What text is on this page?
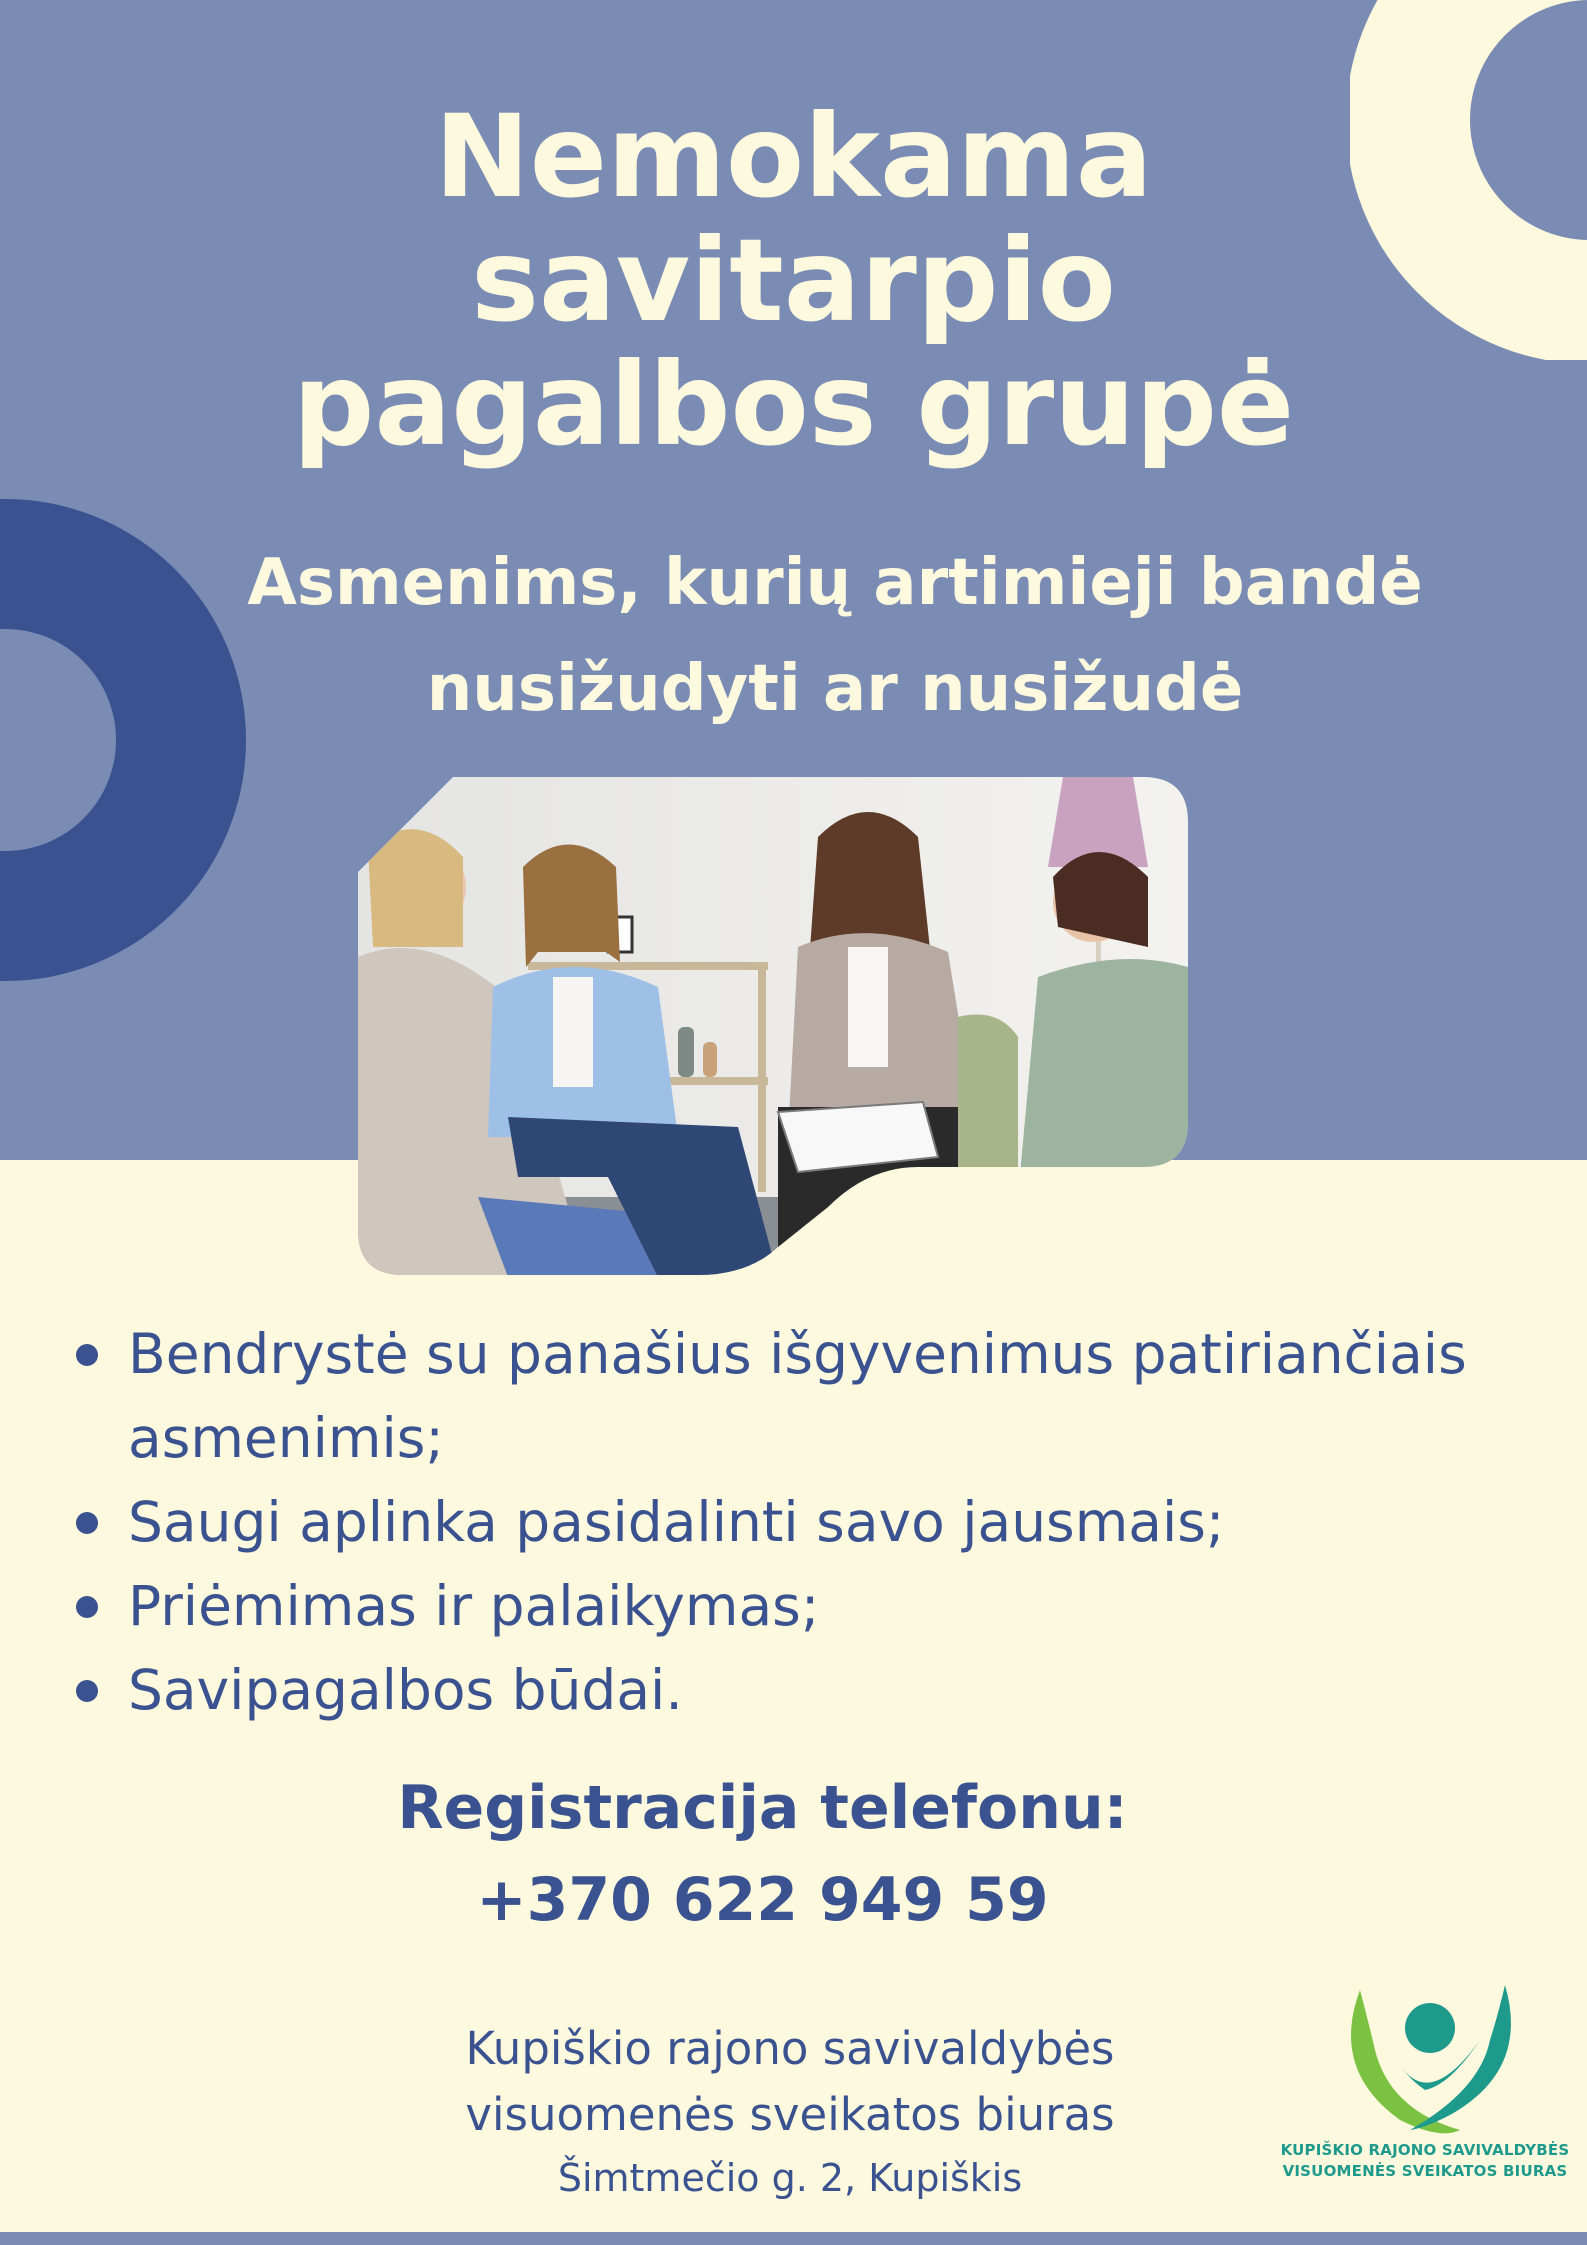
Nemokama
savitarpio
pagalbos grupė
Asmenims, kurių artimieji bandė
nusižudyti ar nusižudė
Bendrystė su panašius išgyvenimus patiriančiais asmenimis;
Saugi aplinka pasidalinti savo jausmais;
Priėmimas ir palaikymas;
Savipagalbos būdai.
Registracija telefonu:
+370 622 949 59
Kupiškio rajono savivaldybės
visuomenės sveikatos biuras
Šimtmečio g. 2, Kupiškis
KUPIŠKIO RAJONO SAVIVALDYBĖS
VISUOMENĖS SVEIKATOS BIURAS
